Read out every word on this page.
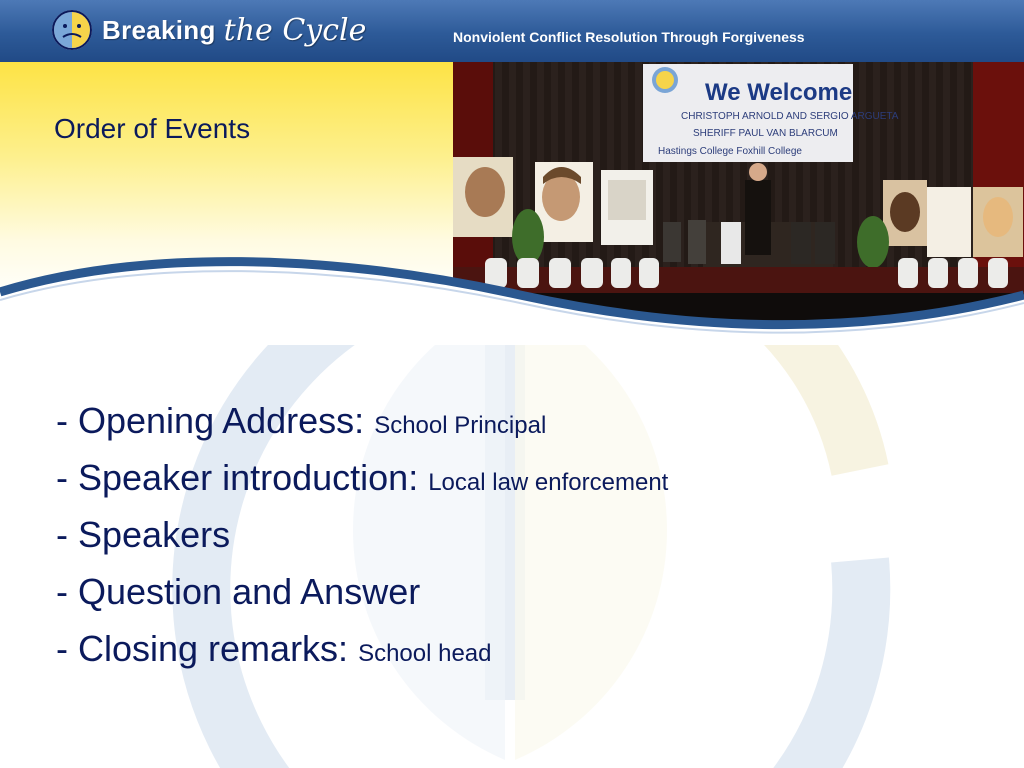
We Welcome
CHRISTOPH ARNOLD AND SERGIO ARGUETA
SHERIFF PAUL VAN BLARCUM
Hastings College Foxhill College
Breaking the Cycle	Nonviolent Conflict Resolution Through Forgiveness
Order of Events
- Opening Address: School Principal
- Speaker introduction: Local law enforcement
- Speakers
- Question and Answer
- Closing remarks: School head
